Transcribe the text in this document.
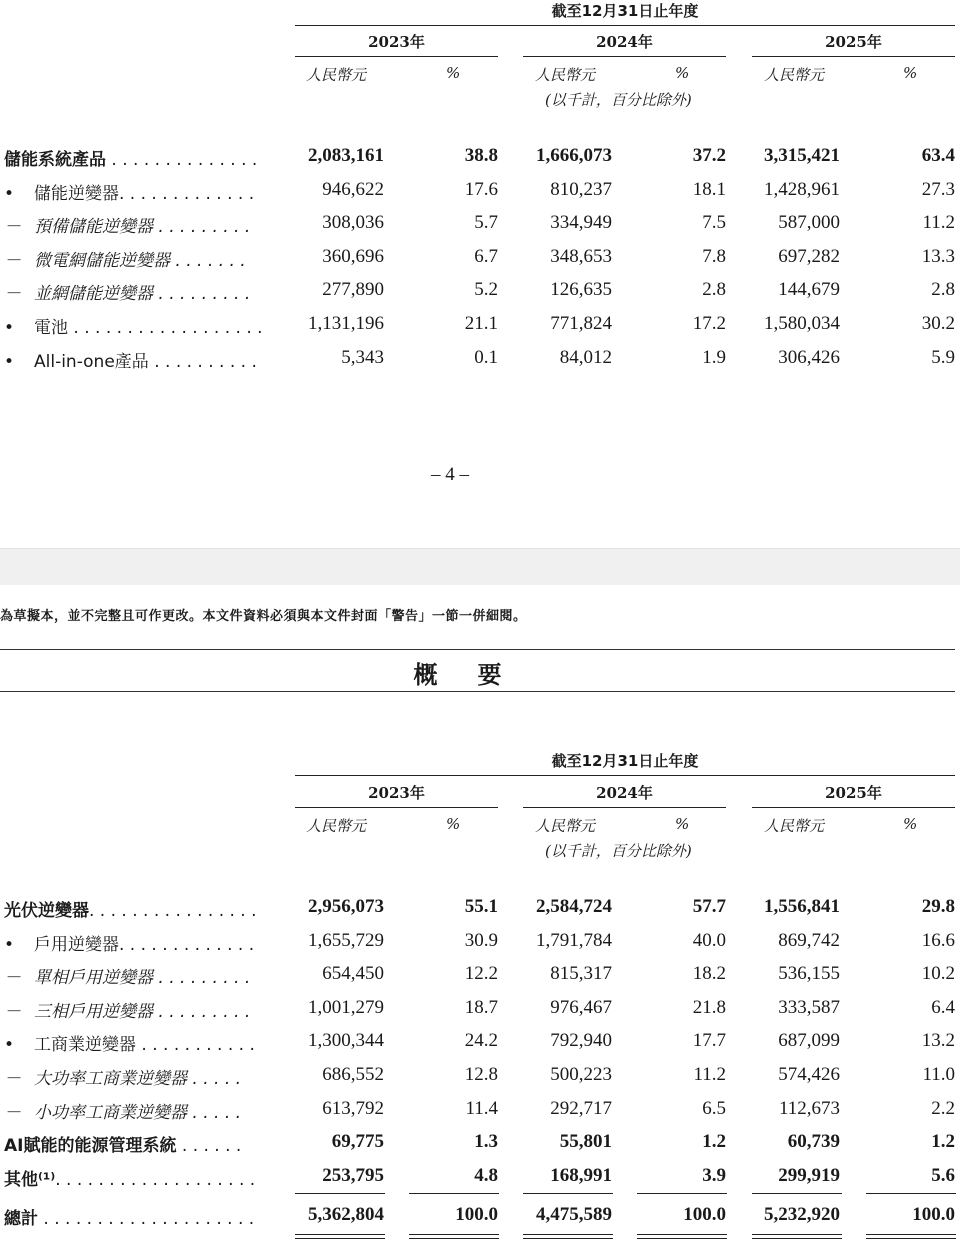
截至12月31日止年度
2023年	2024年	2025年
人民幣元	%	人民幣元	%	人民幣元	%
(以千計，百分比除外)
儲能系統產品 . . . . . . . . . . . . . .	2,083,161	38.8 1,666,073	37.2 3,315,421	63.4
• 儲能逆變器. . . . . . . . . . . . .	946,622	17.6	810,237	18.1 1,428,961	27.3
－ 預備儲能逆變器 . . . . . . . . .	308,036	5.7	334,949	7.5	587,000	11.2
－ 微電網儲能逆變器 . . . . . . .	360,696	6.7	348,653	7.8	697,282	13.3
－ 並網儲能逆變器 . . . . . . . . .	277,890	5.2	126,635	2.8	144,679	2.8
• 電池 . . . . . . . . . . . . . . . . . . 1,131,196	21.1	771,824	17.2 1,580,034	30.2
• All-in-one產品 . . . . . . . . . .	5,343	0.1	84,012	1.9	306,426	5.9
– 4 –
為草擬本，並不完整且可作更改。本文件資料必須與本文件封面「警告」一節一併細閱。
概要
截至12月31日止年度
2023年	2024年	2025年
人民幣元	%	人民幣元	%	人民幣元	%
(以千計，百分比除外)
光伏逆變器. . . . . . . . . . . . . . . .	2,956,073	55.1 2,584,724	57.7 1,556,841	29.8
• 戶用逆變器. . . . . . . . . . . . .	1,655,729	30.9 1,791,784	40.0	869,742	16.6
－ 單相戶用逆變器 . . . . . . . . .	654,450	12.2	815,317	18.2	536,155	10.2
－ 三相戶用逆變器 . . . . . . . . .	1,001,279	18.7	976,467	21.8	333,587	6.4
• 工商業逆變器 . . . . . . . . . . .	1,300,344	24.2	792,940	17.7	687,099	13.2
－ 大功率工商業逆變器 . . . . .	686,552	12.8	500,223	11.2	574,426	11.0
－ 小功率工商業逆變器 . . . . .	613,792	11.4	292,717	6.5	112,673	2.2
AI賦能的能源管理系統 . . . . . .	69,775	1.3	55,801	1.2	60,739	1.2
其他⁽¹⁾. . . . . . . . . . . . . . . . . . .	253,795	4.8	168,991	3.9	299,919	5.6
總計 . . . . . . . . . . . . . . . . . . . .	5,362,804	100.0 4,475,589	100.0 5,232,920	100.0
